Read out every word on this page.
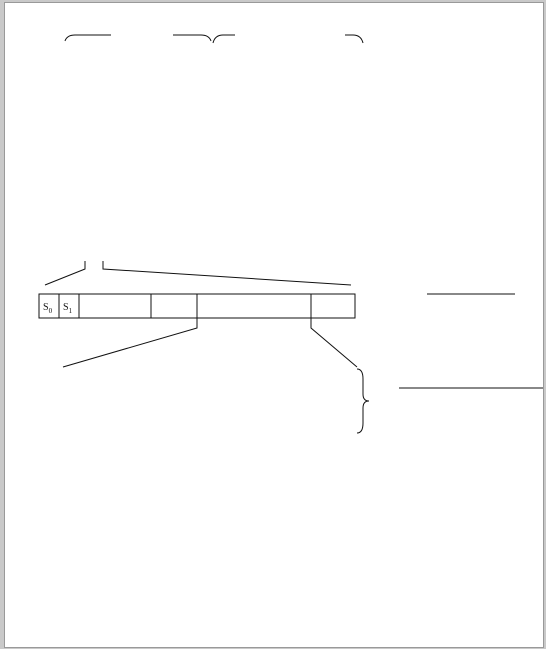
$S_0$ $S_1$
